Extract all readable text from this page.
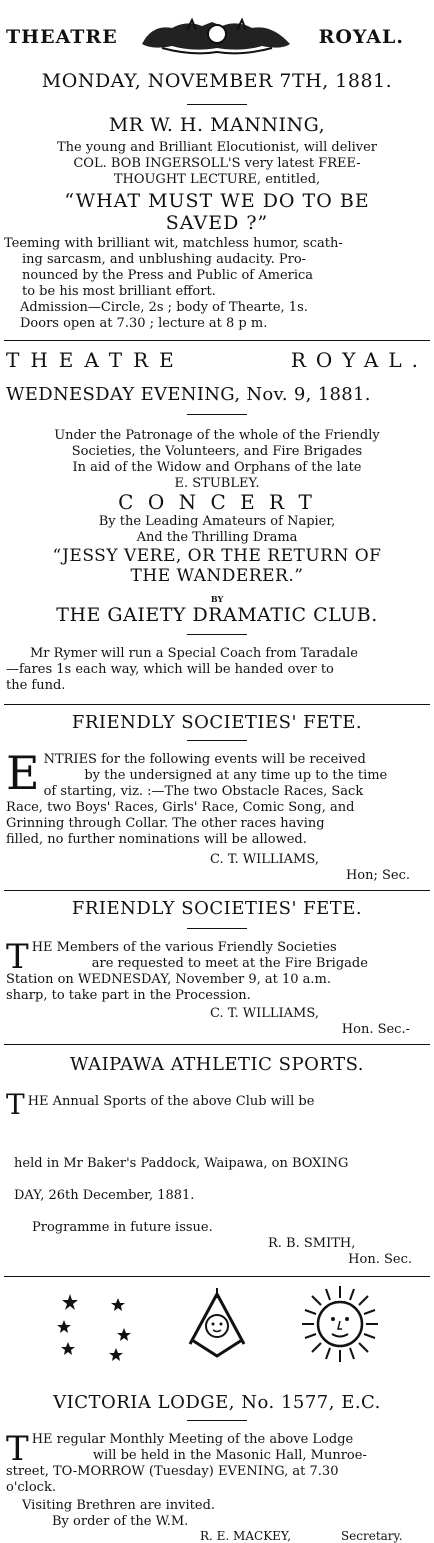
THEATRE	ROYAL.
MONDAY, NOVEMBER 7TH, 1881.
MR W. H. MANNING,
The young and Brilliant Elocutionist, will deliver
COL. BOB INGERSOLL'S very latest FREE-
THOUGHT LECTURE, entitled,
“WHAT MUST WE DO TO BE
SAVED ?”
Teeming with brilliant wit, matchless humor, scath-
ing sarcasm, and unblushing audacity. Pro-
nounced by the Press and Public of America
to be his most brilliant effort.
Admission—Circle, 2s ; body of Thearte, 1s.
Doors open at 7.30 ; lecture at 8 p m.
THEATRE	ROYAL.
WEDNESDAY EVENING, Nov. 9, 1881.
Under the Patronage of the whole of the Friendly
Societies, the Volunteers, and Fire Brigades
In aid of the Widow and Orphans of the late
E. STUBLEY.
C O N C E R T
By the Leading Amateurs of Napier,
And the Thrilling Drama
“JESSY VERE, OR THE RETURN OF
THE WANDERER.”
BY
THE GAIETY DRAMATIC CLUB.
Mr Rymer will run a Special Coach from Taradale
—fares 1s each way, which will be handed over to
the fund.
FRIENDLY SOCIETIES' FETE.
E NTRIES for the following events will be received
by the undersigned at any time up to the time
of starting, viz. :—The two Obstacle Races, Sack
Race, two Boys' Races, Girls' Race, Comic Song, and
Grinning through Collar. The other races having
filled, no further nominations will be allowed.
C. T. WILLIAMS,
Hon; Sec.
FRIENDLY SOCIETIES' FETE.
T HE Members of the various Friendly Societies
are requested to meet at the Fire Brigade
Station on WEDNESDAY, November 9, at 10 a.m.
sharp, to take part in the Procession.
C. T. WILLIAMS,
Hon. Sec.-
WAIPAWA ATHLETIC SPORTS.
T HE Annual Sports of the above Club will be
held in Mr Baker's Paddock, Waipawa, on BOXING
DAY, 26th December, 1881.
Programme in future issue.
R. B. SMITH,
Hon. Sec.
VICTORIA LODGE, No. 1577, E.C.
T HE regular Monthly Meeting of the above Lodge
will be held in the Masonic Hall, Munroe-
street, TO-MORROW (Tuesday) EVENING, at 7.30
o'clock.
Visiting Brethren are invited.
By order of the W.M.
R. E. MACKEY,	Secretary.
